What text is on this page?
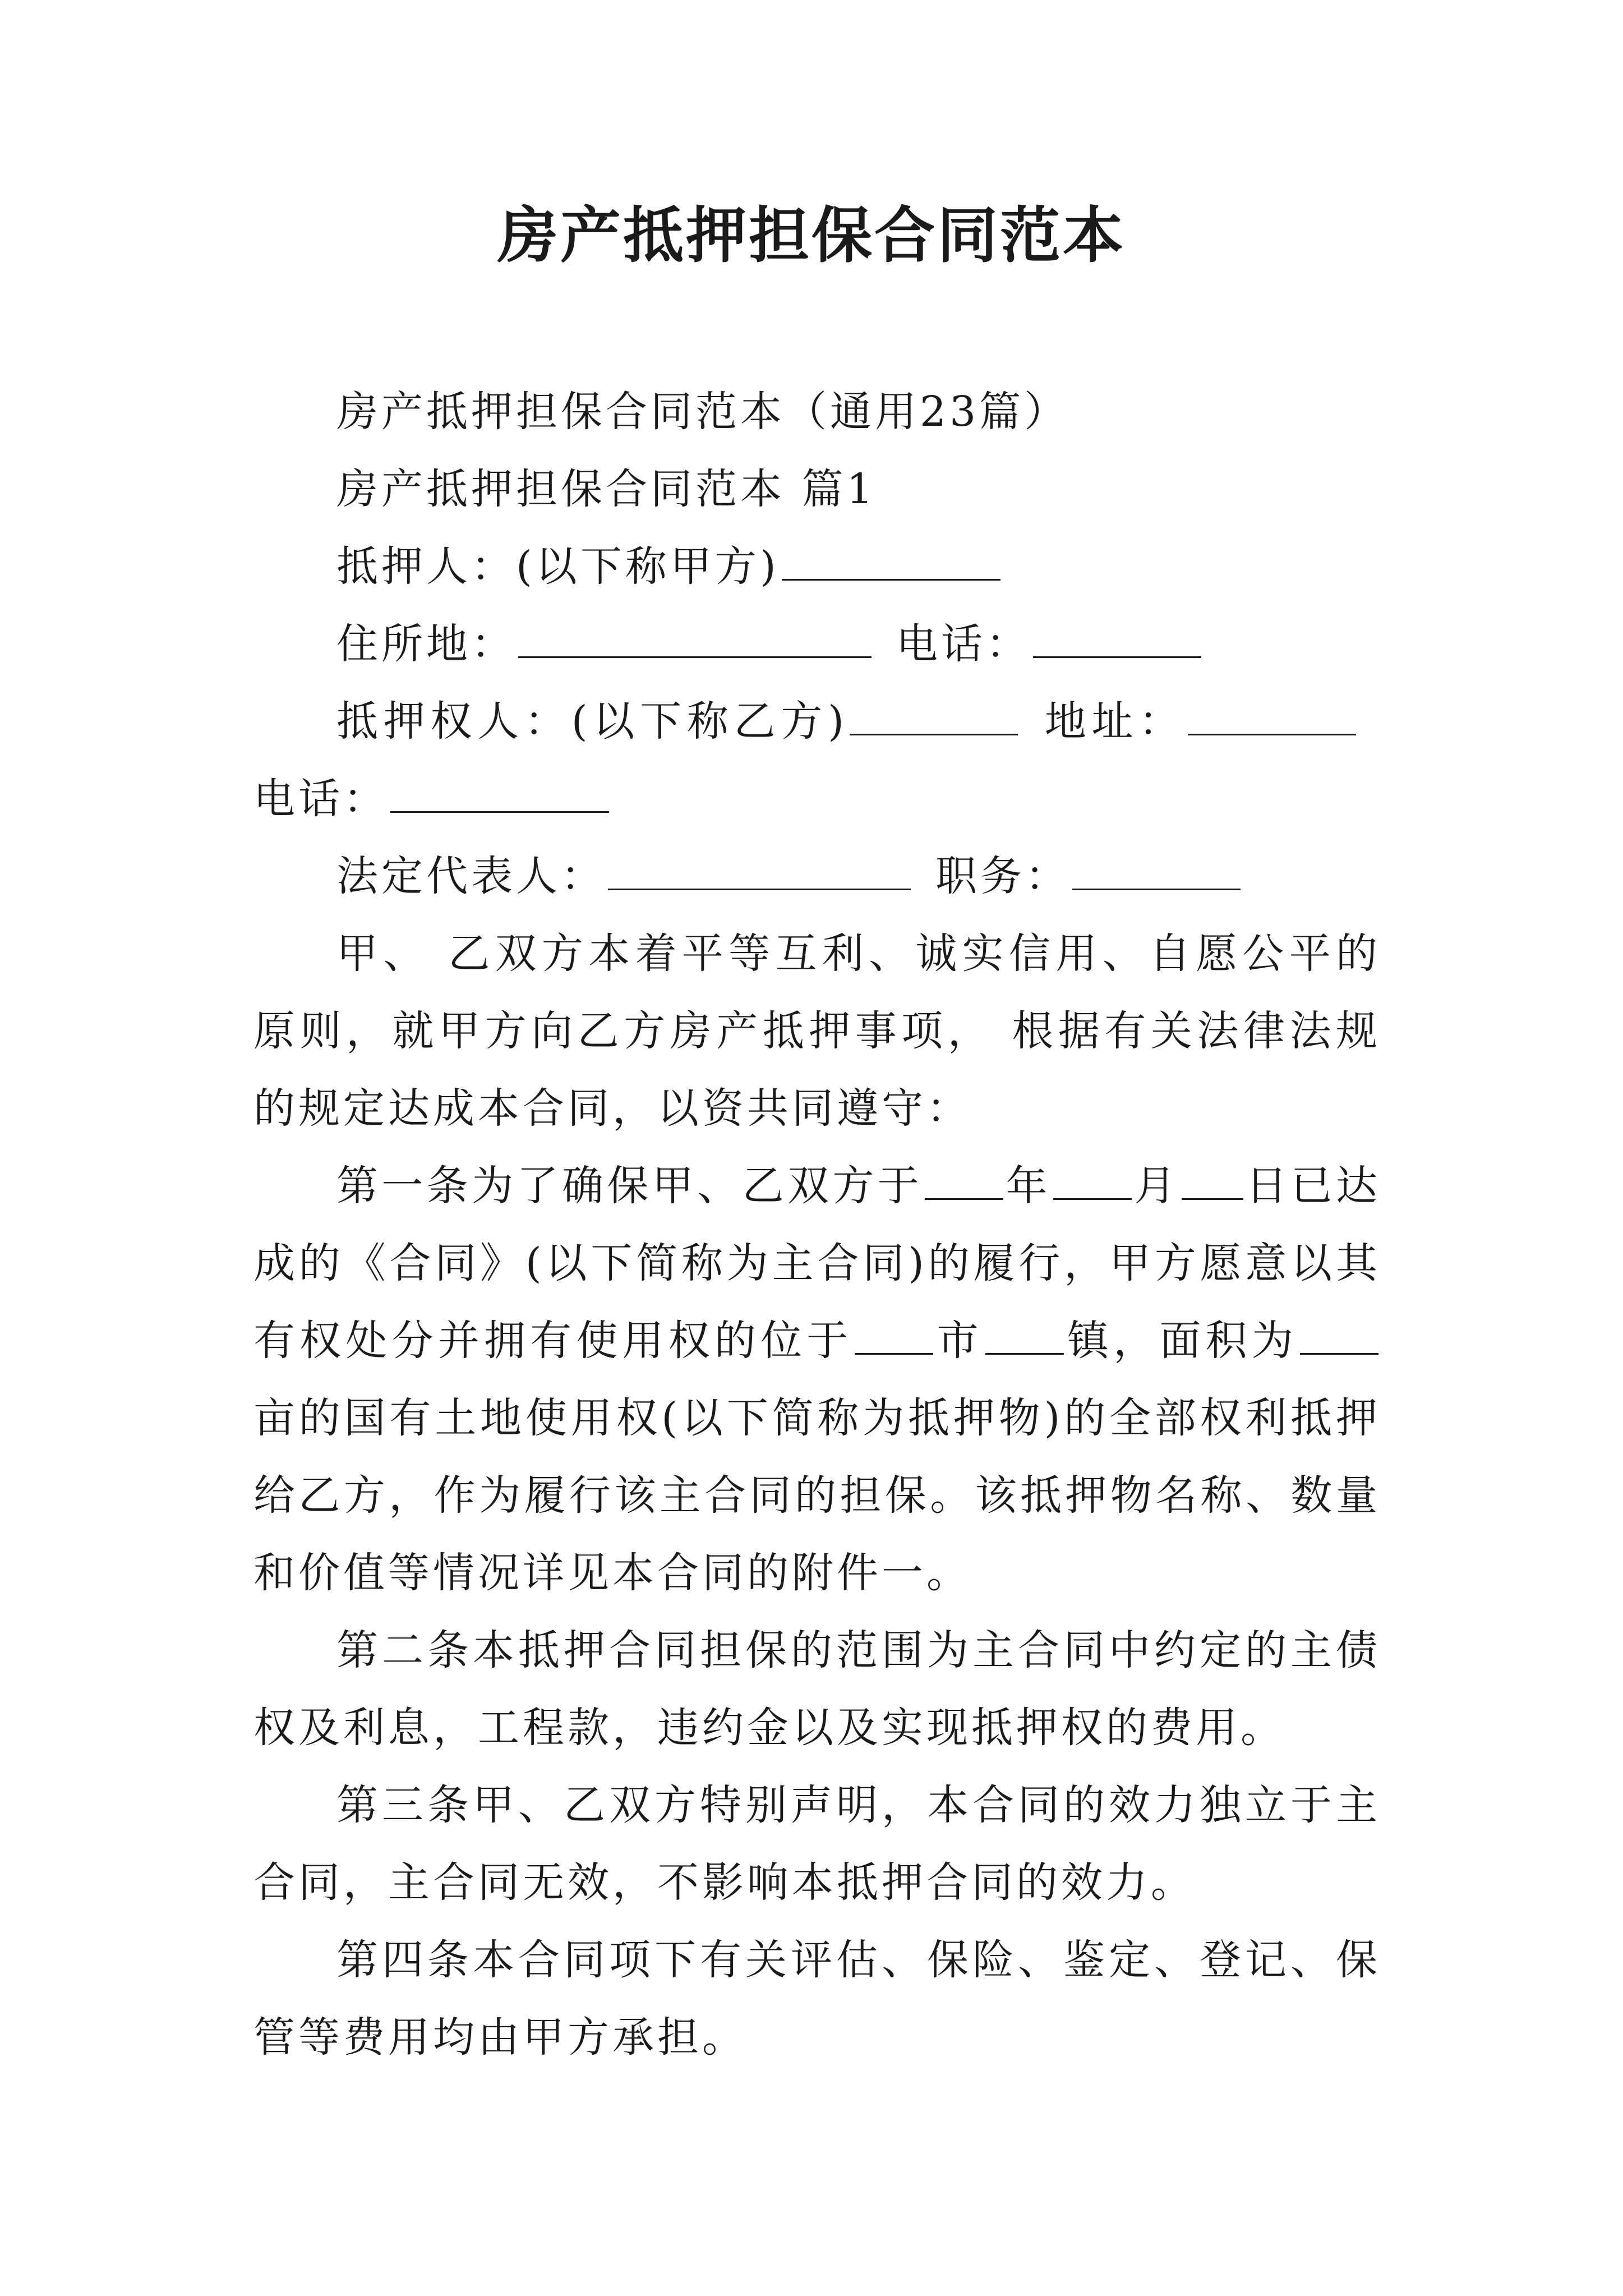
房产抵押担保合同范本

房产抵押担保合同范本（通用23篇）

房产抵押担保合同范本 篇1

抵押人：(以下称甲方)

住所地：	电话：

抵押权人：(以下称乙方)	地址：电话：

法定代表人：	职务：

甲、 乙双方本着平等互利、诚实信用、自愿公平的原则，就甲方向乙方房产抵押事项， 根据有关法律法规的规定达成本合同，以资共同遵守：

第一条为了确保甲、乙双方于 年 月 日已达成的《合同》(以下简称为主合同)的履行，甲方愿意以其有权处分并拥有使用权的位于 市 镇，面积为亩的国有土地使用权(以下简称为抵押物)的全部权利抵押给乙方，作为履行该主合同的担保。该抵押物名称、数量和价值等情况详见本合同的附件一。

第二条本抵押合同担保的范围为主合同中约定的主债权及利息，工程款，违约金以及实现抵押权的费用。

第三条甲、乙双方特别声明，本合同的效力独立于主合同，主合同无效，不影响本抵押合同的效力。

第四条本合同项下有关评估、保险、鉴定、登记、保管等费用均由甲方承担。
